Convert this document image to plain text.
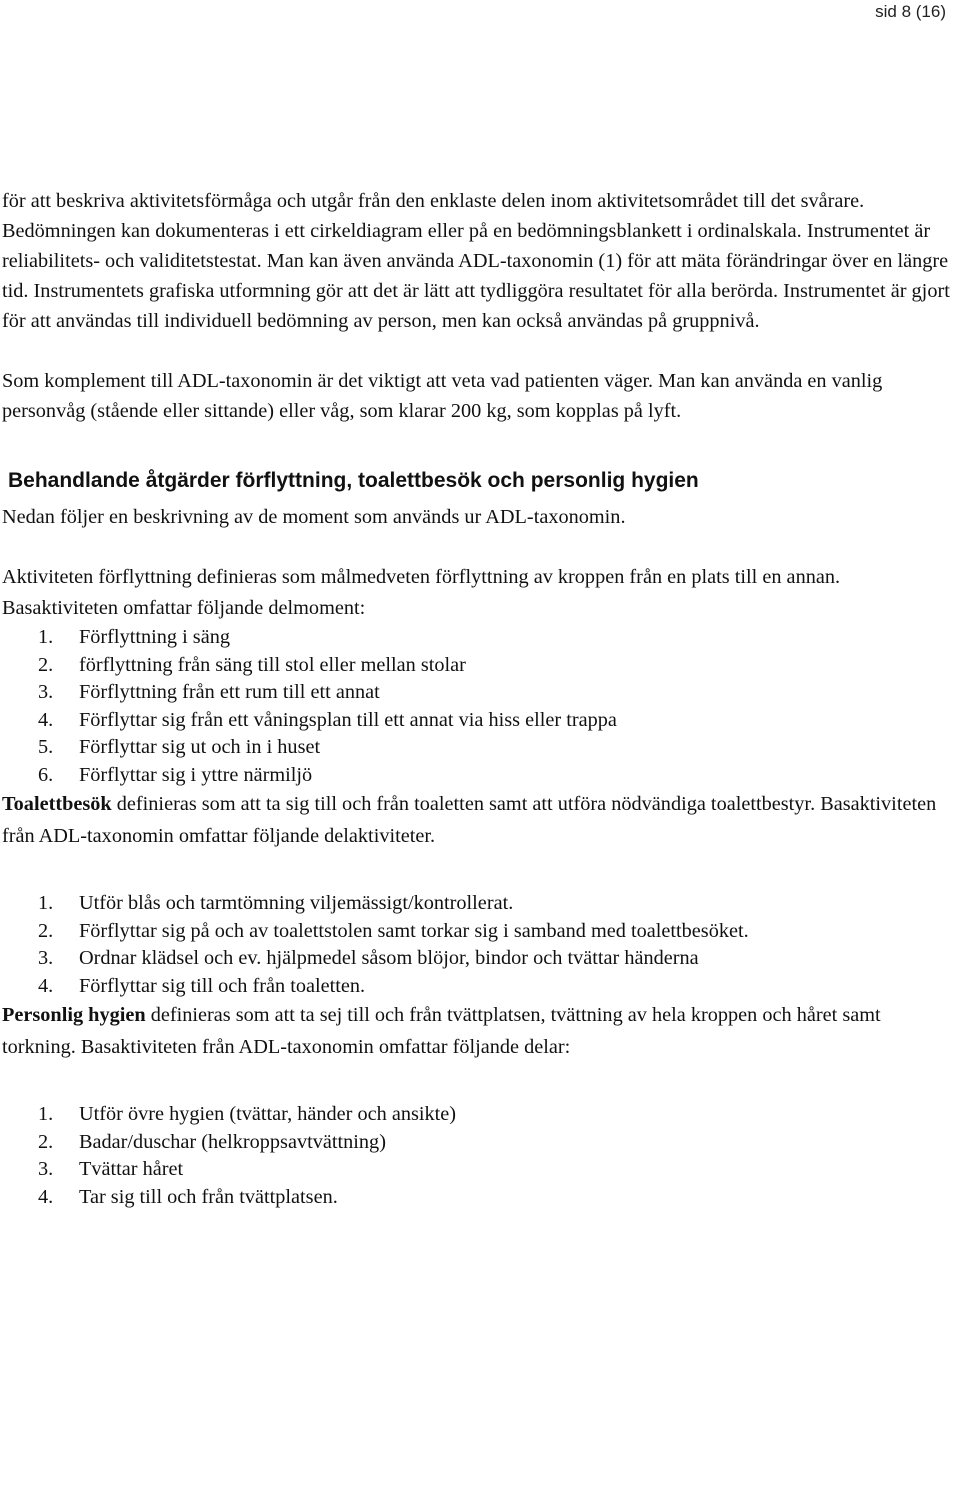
sid 8 (16)

för att beskriva aktivitetsförmåga och utgår från den enklaste delen inom aktivitetsområdet till det svårare. Bedömningen kan dokumenteras i ett cirkeldiagram eller på en bedömningsblankett i ordinalskala. Instrumentet är reliabilitets- och validitetstestat. Man kan även använda ADL-taxonomin (1) för att mäta förändringar över en längre tid. Instrumentets grafiska utformning gör att det är lätt att tydliggöra resultatet för alla berörda. Instrumentet är gjort för att användas till individuell bedömning av person, men kan också användas på gruppnivå.

Som komplement till ADL-taxonomin är det viktigt att veta vad patienten väger. Man kan använda en vanlig personvåg (stående eller sittande) eller våg, som klarar 200 kg, som kopplas på lyft.

Behandlande åtgärder förflyttning, toalettbesök och personlig hygien

Nedan följer en beskrivning av de moment som används ur ADL-taxonomin.

Aktiviteten förflyttning definieras som målmedveten förflyttning av kroppen från en plats till en annan. Basaktiviteten omfattar följande delmoment:

1. Förflyttning i säng
2. förflyttning från säng till stol eller mellan stolar
3. Förflyttning från ett rum till ett annat
4. Förflyttar sig från ett våningsplan till ett annat via hiss eller trappa
5. Förflyttar sig ut och in i huset
6. Förflyttar sig i yttre närmiljö

Toalettbesök definieras som att ta sig till och från toaletten samt att utföra nödvändiga toalettbestyr. Basaktiviteten från ADL-taxonomin omfattar följande delaktiviteter.

1. Utför blås och tarmtömning viljemässigt/kontrollerat.
2. Förflyttar sig på och av toalettstolen samt torkar sig i samband med toalettbesöket.
3. Ordnar klädsel och ev. hjälpmedel såsom blöjor, bindor och tvättar händerna
4. Förflyttar sig till och från toaletten.

Personlig hygien definieras som att ta sej till och från tvättplatsen, tvättning av hela kroppen och håret samt torkning. Basaktiviteten från ADL-taxonomin omfattar följande delar:

1. Utför övre hygien (tvättar, händer och ansikte)
2. Badar/duschar (helkroppsavtvättning)
3. Tvättar håret
4. Tar sig till och från tvättplatsen.
